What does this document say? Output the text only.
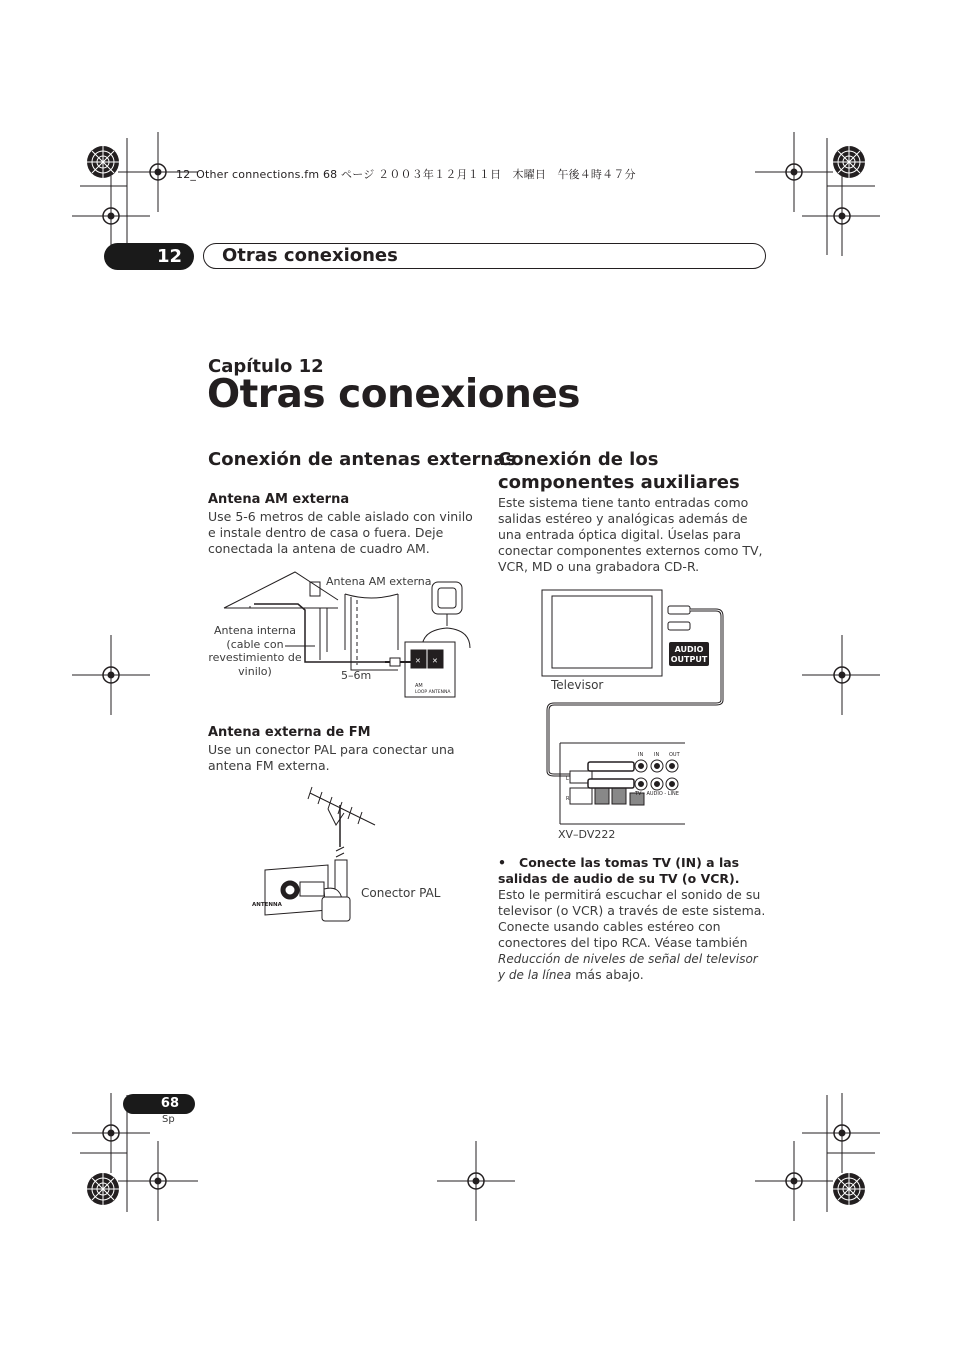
12_Other connections.fm 68 ページ ２００３年１２月１１日　木曜日　午後４時４７分
12	Otras conexiones
Capítulo 12
Otras conexiones
Conexión de antenas externas
Antena AM externa

Use 5-6 metros de cable aislado con vinilo e instale dentro de casa o fuera. Deje conectada la antena de cuadro AM.

✕ ✕
AM
LOOP ANTENNA
Antena AM externa
Antena interna (cable con revestimiento de vinilo)	5–6m
Antena externa de FM

Use un conector PAL para conectar una antena FM externa.

ANTENNA
Conector PAL
Conexión de los componentes auxiliares

Este sistema tiene tanto entradas como salidas estéreo y analógicas además de una entrada óptica digital. Úselas para conectar componentes externos como TV, VCR, MD o una grabadora CD-R.

AUDIO
OUTPUT
IN IN OUT
TV - AUDIO - LINE
L
R
Televisor
XV–DV222
•   Conecte las tomas TV (IN) a las salidas de audio de su TV (o VCR).

Esto le permitirá escuchar el sonido de su televisor (o VCR) a través de este sistema. Conecte usando cables estéreo con conectores del tipo RCA. Véase también Reducción de niveles de señal del televisor y de la línea más abajo.

68
Sp
